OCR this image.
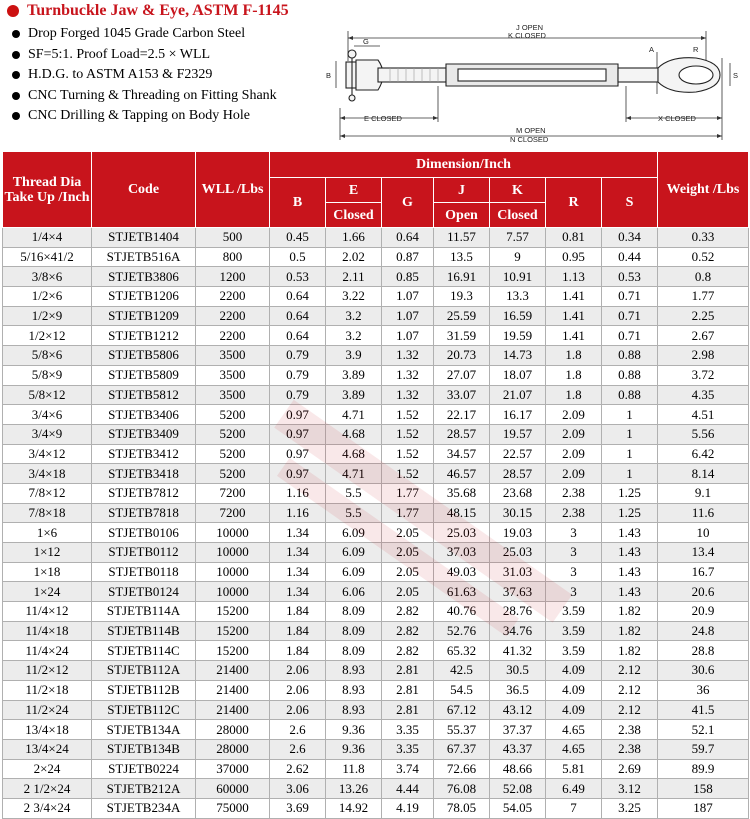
Turnbuckle Jaw & Eye, ASTM F-1145
Drop Forged 1045 Grade Carbon Steel
SF=5:1. Proof Load=2.5 × WLL
H.D.G. to ASTM A153 & F2329
CNC Turning & Threading on Fitting Shank
CNC Drilling & Tapping on Body Hole
J OPEN
K CLOSED
G
A	R
B	S
E CLOSED	X CLOSED
M OPEN
N CLOSED
Thread Dia Take Up /Inch	Code	WLL /Lbs	Dimension/Inch							Weight /Lbs
			B	E	G	J	K	R	S	
				Closed		Open	Closed			
1/4×4	STJETB1404	500	0.45	1.66	0.64	11.57	7.57	0.81	0.34	0.33
5/16×41/2	STJETB516A	800	0.5	2.02	0.87	13.5	9	0.95	0.44	0.52
3/8×6	STJETB3806	1200	0.53	2.11	0.85	16.91	10.91	1.13	0.53	0.8
1/2×6	STJETB1206	2200	0.64	3.22	1.07	19.3	13.3	1.41	0.71	1.77
1/2×9	STJETB1209	2200	0.64	3.2	1.07	25.59	16.59	1.41	0.71	2.25
1/2×12	STJETB1212	2200	0.64	3.2	1.07	31.59	19.59	1.41	0.71	2.67
5/8×6	STJETB5806	3500	0.79	3.9	1.32	20.73	14.73	1.8	0.88	2.98
5/8×9	STJETB5809	3500	0.79	3.89	1.32	27.07	18.07	1.8	0.88	3.72
5/8×12	STJETB5812	3500	0.79	3.89	1.32	33.07	21.07	1.8	0.88	4.35
3/4×6	STJETB3406	5200	0.97	4.71	1.52	22.17	16.17	2.09	1	4.51
3/4×9	STJETB3409	5200	0.97	4.68	1.52	28.57	19.57	2.09	1	5.56
3/4×12	STJETB3412	5200	0.97	4.68	1.52	34.57	22.57	2.09	1	6.42
3/4×18	STJETB3418	5200	0.97	4.71	1.52	46.57	28.57	2.09	1	8.14
7/8×12	STJETB7812	7200	1.16	5.5	1.77	35.68	23.68	2.38	1.25	9.1
7/8×18	STJETB7818	7200	1.16	5.5	1.77	48.15	30.15	2.38	1.25	11.6
1×6	STJETB0106	10000	1.34	6.09	2.05	25.03	19.03	3	1.43	10
1×12	STJETB0112	10000	1.34	6.09	2.05	37.03	25.03	3	1.43	13.4
1×18	STJETB0118	10000	1.34	6.09	2.05	49.03	31.03	3	1.43	16.7
1×24	STJETB0124	10000	1.34	6.06	2.05	61.63	37.63	3	1.43	20.6
11/4×12	STJETB114A	15200	1.84	8.09	2.82	40.76	28.76	3.59	1.82	20.9
11/4×18	STJETB114B	15200	1.84	8.09	2.82	52.76	34.76	3.59	1.82	24.8
11/4×24	STJETB114C	15200	1.84	8.09	2.82	65.32	41.32	3.59	1.82	28.8
11/2×12	STJETB112A	21400	2.06	8.93	2.81	42.5	30.5	4.09	2.12	30.6
11/2×18	STJETB112B	21400	2.06	8.93	2.81	54.5	36.5	4.09	2.12	36
11/2×24	STJETB112C	21400	2.06	8.93	2.81	67.12	43.12	4.09	2.12	41.5
13/4×18	STJETB134A	28000	2.6	9.36	3.35	55.37	37.37	4.65	2.38	52.1
13/4×24	STJETB134B	28000	2.6	9.36	3.35	67.37	43.37	4.65	2.38	59.7
2×24	STJETB0224	37000	2.62	11.8	3.74	72.66	48.66	5.81	2.69	89.9
2 1/2×24	STJETB212A	60000	3.06	13.26	4.44	76.08	52.08	6.49	3.12	158
2 3/4×24	STJETB234A	75000	3.69	14.92	4.19	78.05	54.05	7	3.25	187
